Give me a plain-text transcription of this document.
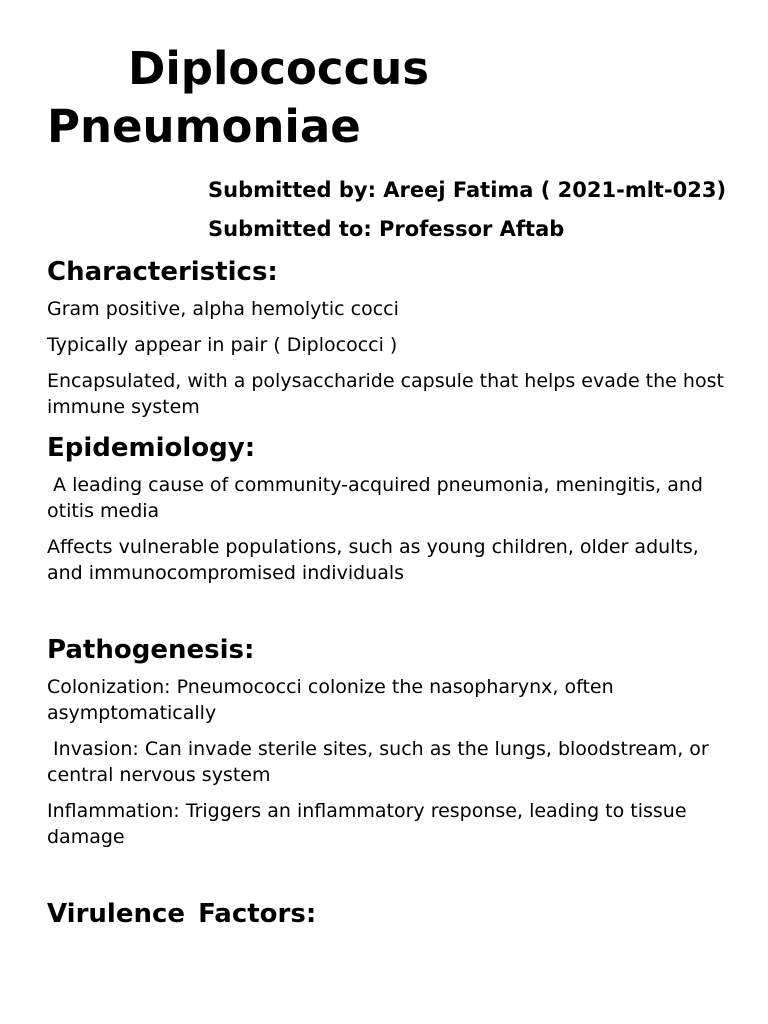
Diplococcus Pneumoniae

Submitted by: Areej Fatima ( 2021-mlt-023)

Submitted to: Professor Aftab

Characteristics:

Gram positive, alpha hemolytic cocci

Typically appear in pair ( Diplococci )

Encapsulated, with a polysaccharide capsule that helps evade the host immune system

Epidemiology:

A leading cause of community-acquired pneumonia, meningitis, and otitis media

Affects vulnerable populations, such as young children, older adults, and immunocompromised individuals

Pathogenesis:

Colonization: Pneumococci colonize the nasopharynx, often asymptomatically

Invasion: Can invade sterile sites, such as the lungs, bloodstream, or central nervous system

Inflammation: Triggers an inflammatory response, leading to tissue damage

Virulence Factors:
